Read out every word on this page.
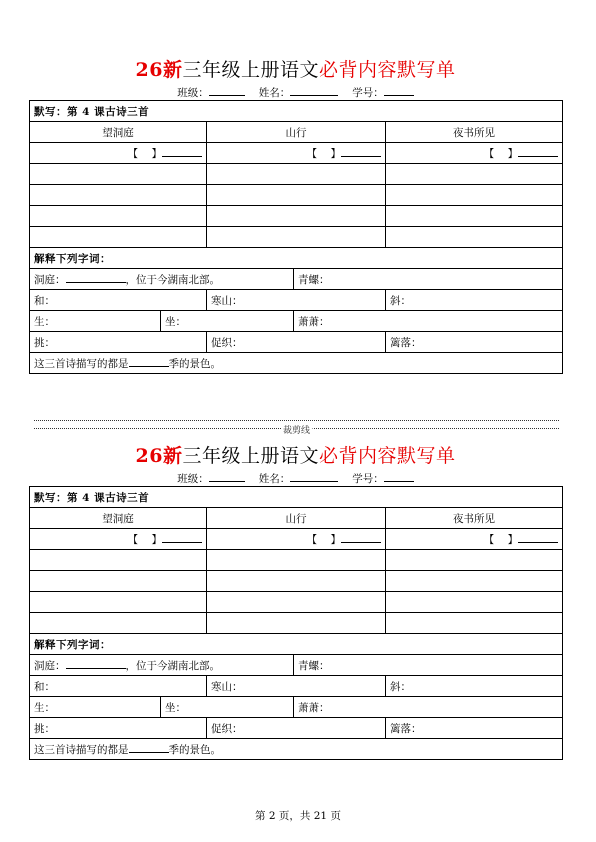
26新三年级上册语文必背内容默写单
班级：	姓名：	学号：
默写：第 4 课古诗三首				
望洞庭		山行		夜书所见
【 】		【 】		【 】

解释下列字词：				
洞庭： ，位于今湖南北部。			青螺：	
和：		寒山：		斜：
生：	坐：		萧萧：	
挑：		促织：		篱落：
这三首诗描写的都是 季的景色。				
裁剪线
26新三年级上册语文必背内容默写单
班级：	姓名：	学号：
默写：第 4 课古诗三首				
望洞庭		山行		夜书所见
【 】		【 】		【 】

解释下列字词：				
洞庭： ，位于今湖南北部。			青螺：	
和：		寒山：		斜：
生：	坐：		萧萧：	
挑：		促织：		篱落：
这三首诗描写的都是 季的景色。				
第 2 页，共 21 页
